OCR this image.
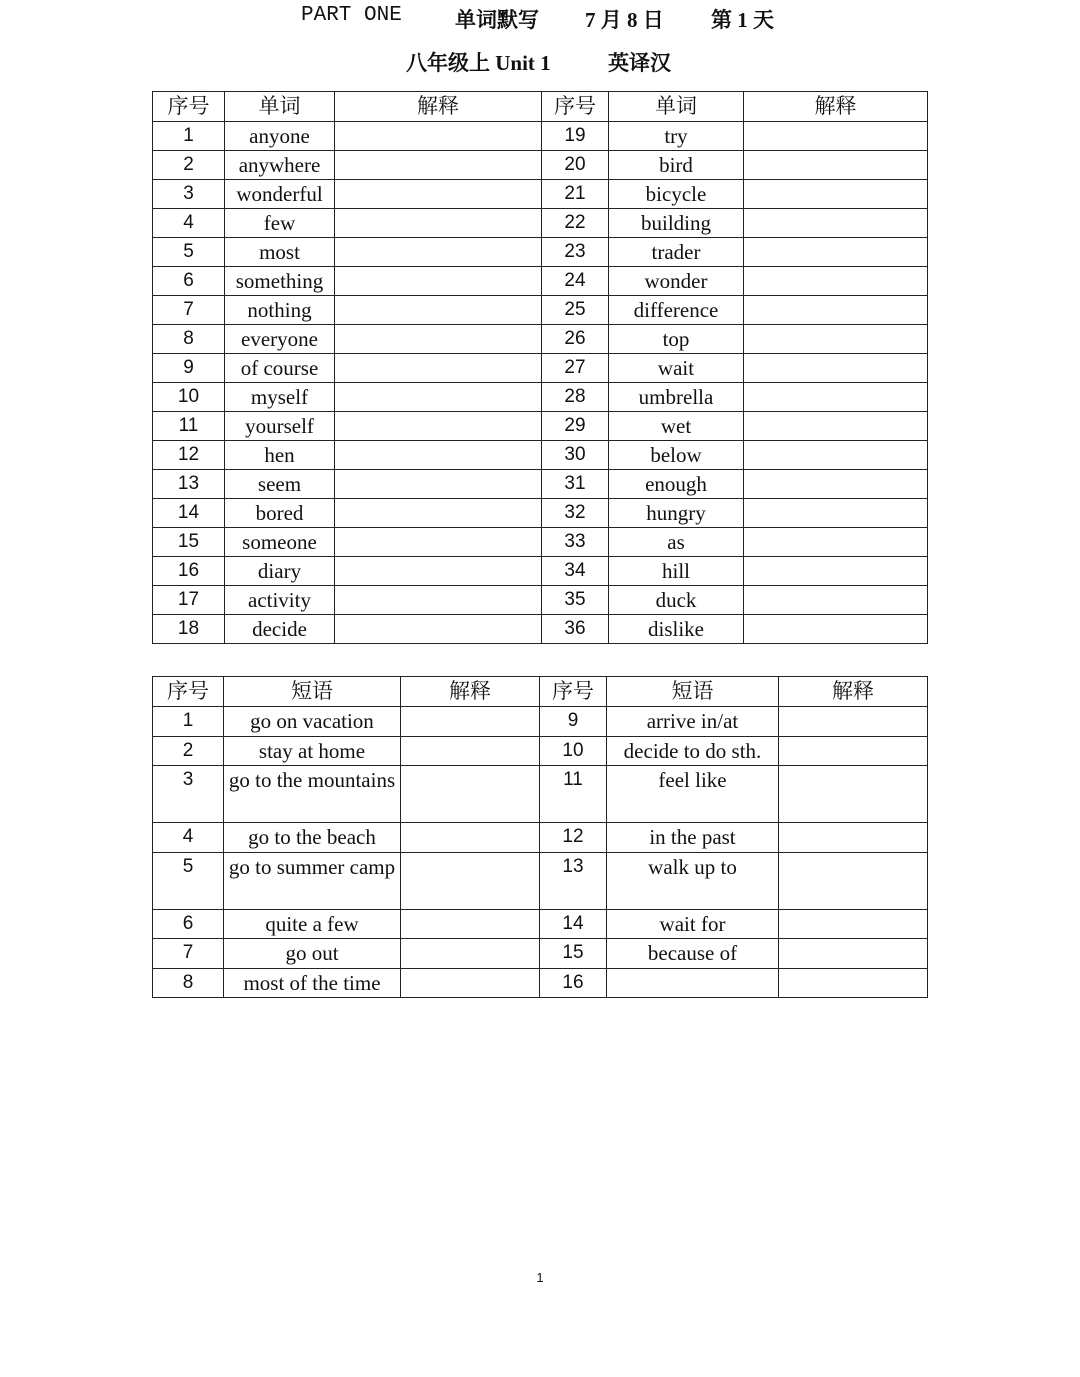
PART ONE	单词默写 7 月 8 日 第 1 天
八年级上 Unit 1	英译汉
序号	单词	解释	序号	单词	解释
1	anyone		19	try	
2	anywhere		20	bird	
3	wonderful		21	bicycle	
4	few		22	building	
5	most		23	trader	
6	something		24	wonder	
7	nothing		25	difference	
8	everyone		26	top	
9	of course		27	wait	
10	myself		28	umbrella	
11	yourself		29	wet	
12	hen		30	below	
13	seem		31	enough	
14	bored		32	hungry	
15	someone		33	as	
16	diary		34	hill	
17	activity		35	duck	
18	decide		36	dislike	
序号	短语	解释	序号	短语	解释
1	go on vacation		9	arrive in/at	
2	stay at home		10	decide to do sth.	
3	go to the mountains		11	feel like	
4	go to the beach		12	in the past	
5	go to summer camp		13	walk up to	
6	quite a few		14	wait for	
7	go out		15	because of	
8	most of the time		16		
1
